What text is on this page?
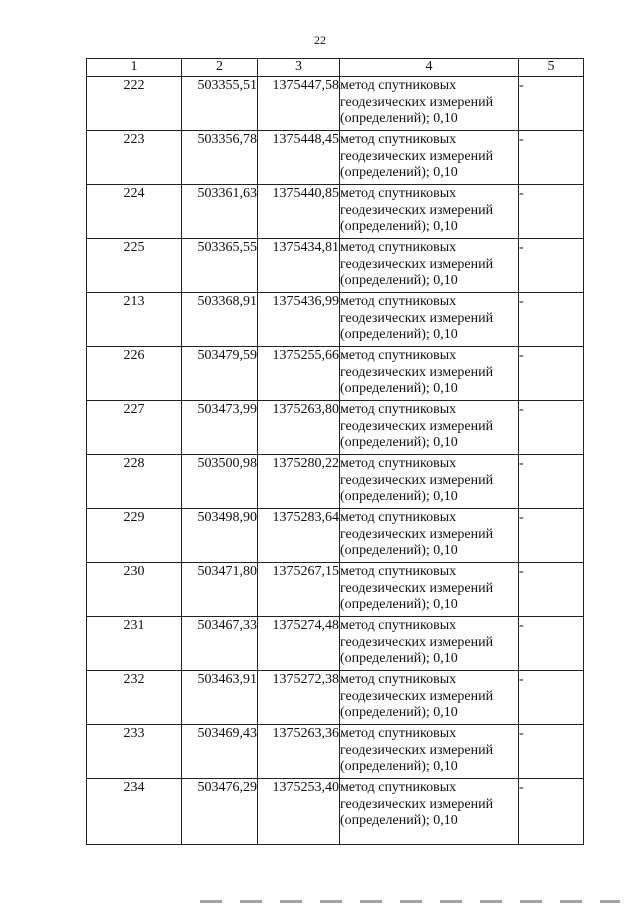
22
1	2	3	4	5
222	503355,51	1375447,58	метод спутниковых геодезических измерений (определений); 0,10	-
223	503356,78	1375448,45	метод спутниковых геодезических измерений (определений); 0,10	-
224	503361,63	1375440,85	метод спутниковых геодезических измерений (определений); 0,10	-
225	503365,55	1375434,81	метод спутниковых геодезических измерений (определений); 0,10	-
213	503368,91	1375436,99	метод спутниковых геодезических измерений (определений); 0,10	-
226	503479,59	1375255,66	метод спутниковых геодезических измерений (определений); 0,10	-
227	503473,99	1375263,80	метод спутниковых геодезических измерений (определений); 0,10	-
228	503500,98	1375280,22	метод спутниковых геодезических измерений (определений); 0,10	-
229	503498,90	1375283,64	метод спутниковых геодезических измерений (определений); 0,10	-
230	503471,80	1375267,15	метод спутниковых геодезических измерений (определений); 0,10	-
231	503467,33	1375274,48	метод спутниковых геодезических измерений (определений); 0,10	-
232	503463,91	1375272,38	метод спутниковых геодезических измерений (определений); 0,10	-
233	503469,43	1375263,36	метод спутниковых геодезических измерений (определений); 0,10	-
234	503476,29	1375253,40	метод спутниковых геодезических измерений (определений); 0,10	-
